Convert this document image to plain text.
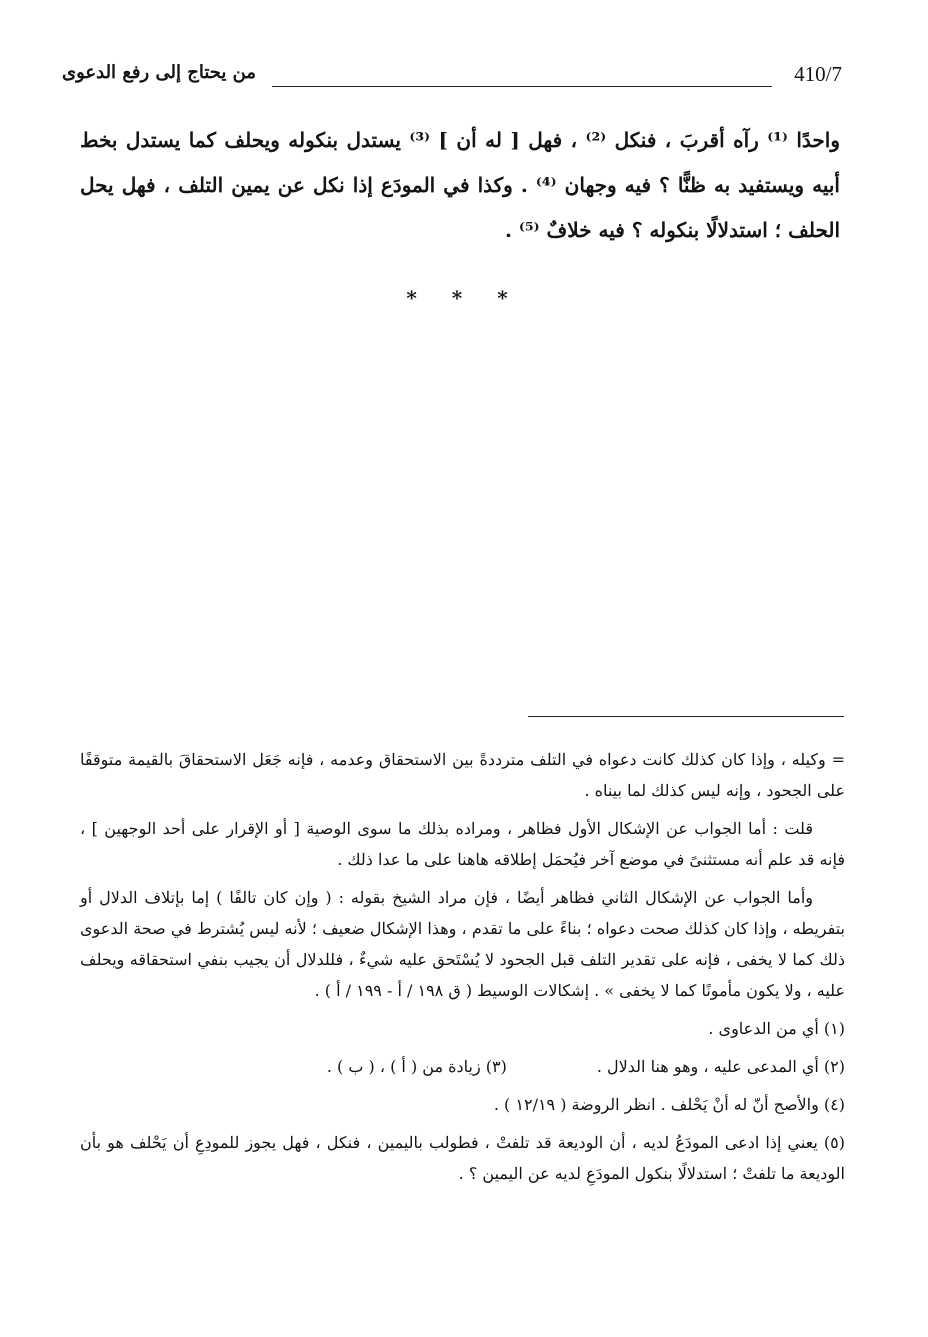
410/7
من يحتاج إلى رفع الدعوى

واحدًا ⁽¹⁾ رآه أقربَ ، فنكل ⁽²⁾ ، فهل [ له أن ] ⁽³⁾ يستدل بنكوله ويحلف كما يستدل بخط أبيه ويستفيد به ظنًّا ؟ فيه وجهان ⁽⁴⁾ . وكذا في المودَع إذا نكل عن يمين التلف ، فهل يحل الحلف ؛ استدلالًا بنكوله ؟ فيه خلافٌ ⁽⁵⁾ .

* * *

= وكيله ، وإذا كان كذلك كانت دعواه في التلف مترددةً بين الاستحقاق وعدمه ، فإنه جَعَل الاستحقاقَ بالقيمة متوقفًا على الجحود ، وإنه ليس كذلك لما بيناه .

قلت : أما الجواب عن الإشكال الأول فظاهر ، ومراده بذلك ما سوى الوصية [ أو الإقرار على أحد الوجهين ] ، فإنه قد علم أنه مستثنىً في موضع آخر فيُحمَل إطلاقه هاهنا على ما عدا ذلك .

وأما الجواب عن الإشكال الثاني فظاهر أيضًا ، فإن مراد الشيخ بقوله : ( وإن كان تالفًا ) إما بإتلاف الدلال أو بتفريطه ، وإذا كان كذلك صحت دعواه ؛ بناءً على ما تقدم ، وهذا الإشكال ضعيف ؛ لأنه ليس يُشترط في صحة الدعوى ذلك كما لا يخفى ، فإنه على تقدير التلف قبل الجحود لا يُسْتَحق عليه شيءٌ ، فللدلال أن يجيب بنفي استحقاقه ويحلف عليه ، ولا يكون مأمونًا كما لا يخفى » . إشكالات الوسيط ( ق ١٩٨ / أ - ١٩٩ / أ ) .

(١) أي من الدعاوى .

(٢) أي المدعى عليه ، وهو هنا الدلال .
(٣) زيادة من ( أ ) ، ( ب ) .

(٤) والأصح أنّ له أنْ يَحْلف . انظر الروضة ( ١٢/١٩ ) .

(٥) يعني إذا ادعى المودَعُ لديه ، أن الوديعة قد تلفتْ ، فطولب باليمين ، فنكل ، فهل يجوز للمودِعِ أن يَحْلف هو بأن الوديعة ما تلفتْ ؛ استدلالًا بنكول المودَعِ لديه عن اليمين ؟ .
